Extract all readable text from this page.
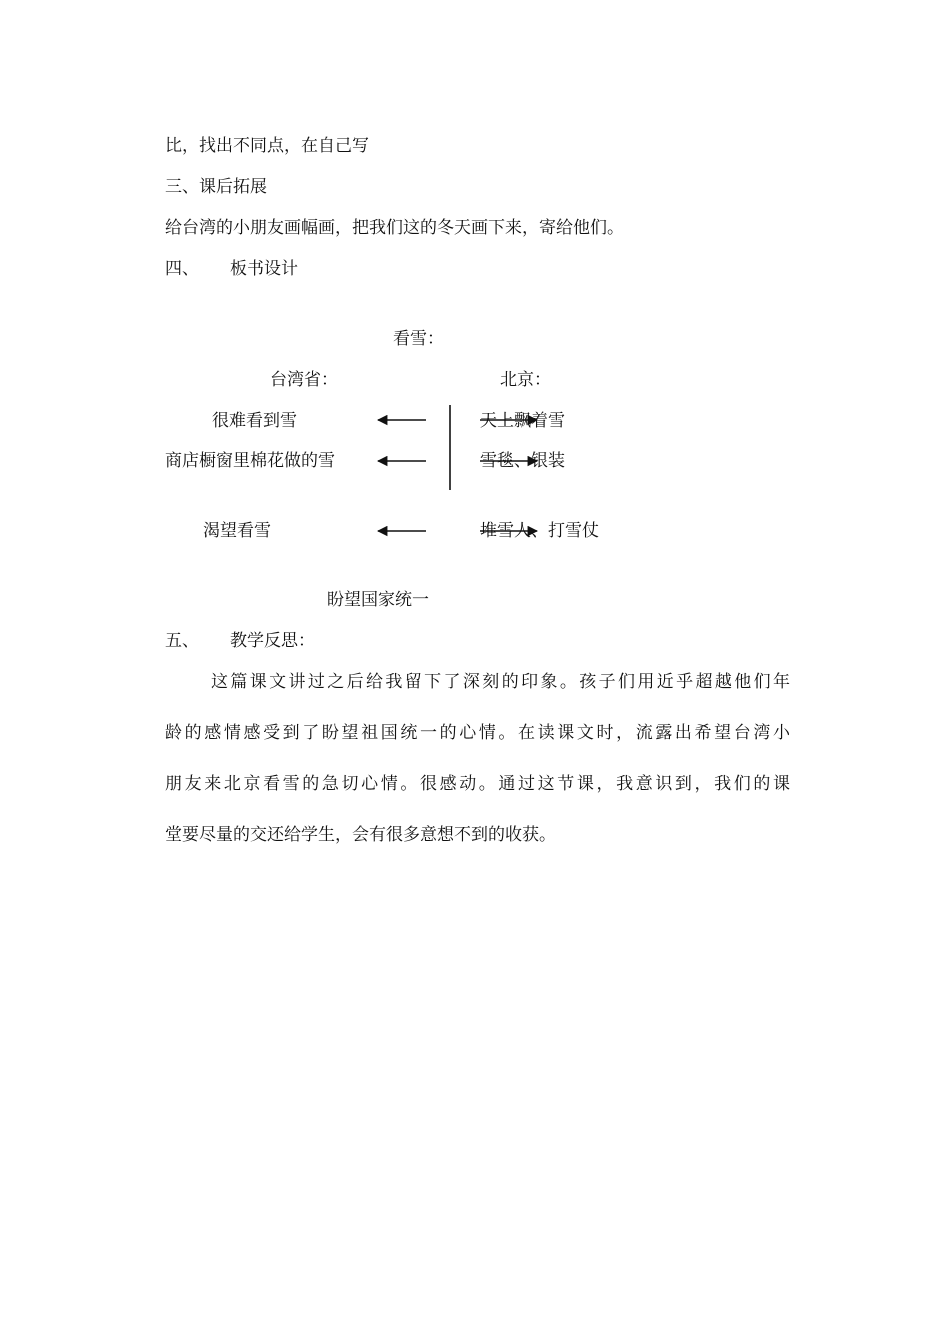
比，找出不同点，在自己写
三、课后拓展
给台湾的小朋友画幅画，把我们这的冬天画下来，寄给他们。
四、 板书设计
看雪：
台湾省：	北京：
很难看到雪
商店橱窗里棉花做的雪
渴望看雪
天上飘着雪
雪毯、银装
堆雪人、打雪仗
盼望国家统一
五、 教学反思：
这篇课文讲过之后给我留下了深刻的印象。孩子们用近乎超越他们年
龄的感情感受到了盼望祖国统一的心情。在读课文时，流露出希望台湾小
朋友来北京看雪的急切心情。很感动。通过这节课，我意识到，我们的课
堂要尽量的交还给学生，会有很多意想不到的收获。
